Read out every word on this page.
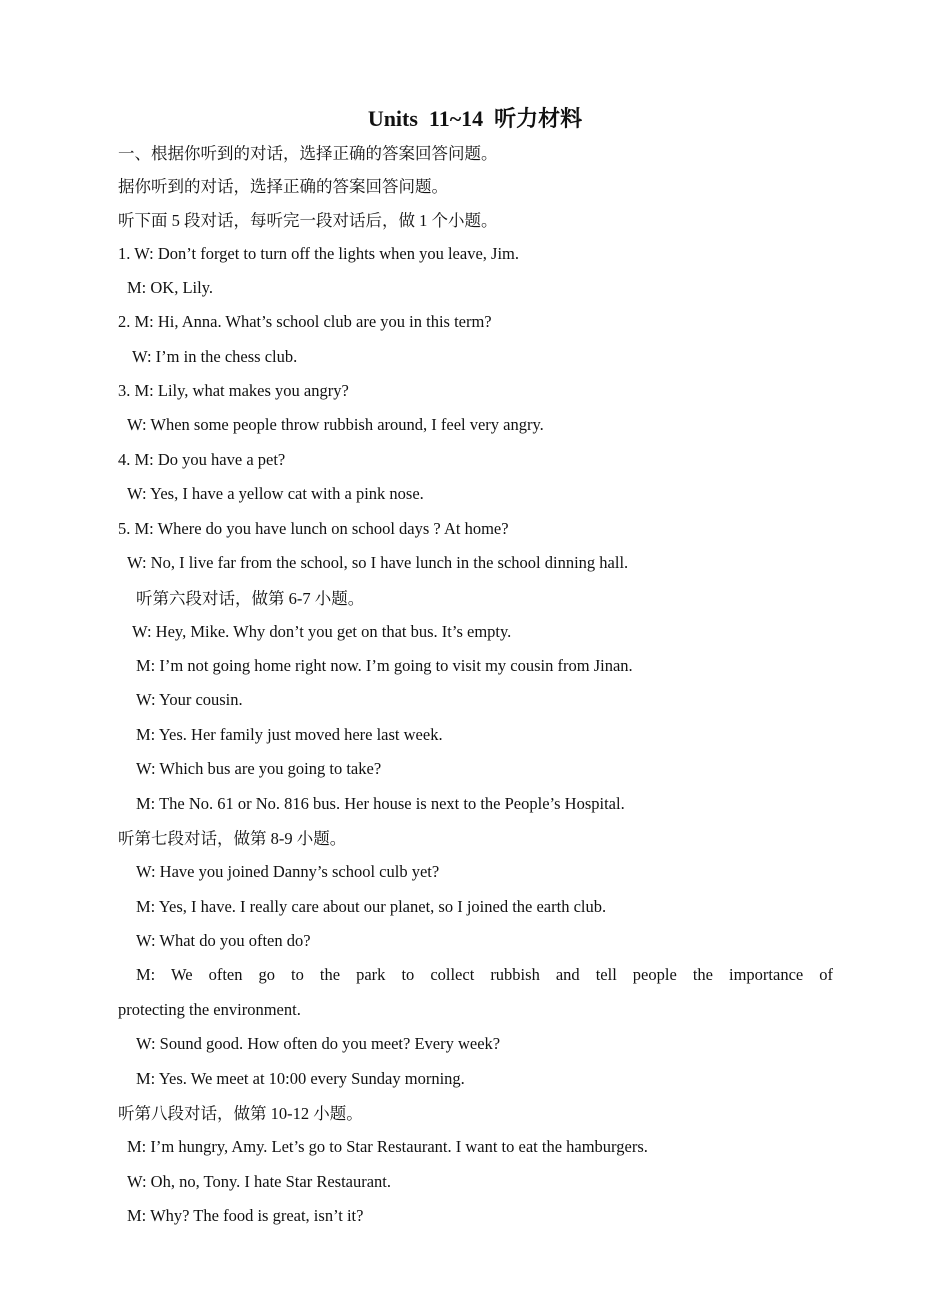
Units  11~14  听力材料
一、根据你听到的对话，选择正确的答案回答问题。
据你听到的对话，选择正确的答案回答问题。
听下面 5 段对话，每听完一段对话后，做 1 个小题。
1. W: Don’t forget to turn off the lights when you leave, Jim.
M: OK, Lily.
2. M: Hi, Anna. What’s school club are you in this term?
W: I’m in the chess club.
3. M: Lily, what makes you angry?
W: When some people throw rubbish around, I feel very angry.
4. M: Do you have a pet?
W: Yes, I have a yellow cat with a pink nose.
5. M: Where do you have lunch on school days ? At home?
W: No, I live far from the school, so I have lunch in the school dinning hall.
听第六段对话，做第 6-7 小题。
W: Hey, Mike. Why don’t you get on that bus. It’s empty.
M: I’m not going home right now. I’m going to visit my cousin from Jinan.
W: Your cousin.
M: Yes. Her family just moved here last week.
W: Which bus are you going to take?
M: The No. 61 or No. 816 bus. Her house is next to the People’s Hospital.
听第七段对话，做第 8-9 小题。
W: Have you joined Danny’s school culb yet?
M: Yes, I have. I really care about our planet, so I joined the earth club.
W: What do you often do?
M: We often go to the park to collect rubbish and tell people the importance of
protecting the environment.
W: Sound good. How often do you meet? Every week?
M: Yes. We meet at 10:00 every Sunday morning.
听第八段对话，做第 10-12 小题。
M: I’m hungry, Amy. Let’s go to Star Restaurant. I want to eat the hamburgers.
W: Oh, no, Tony. I hate Star Restaurant.
M: Why? The food is great, isn’t it?
